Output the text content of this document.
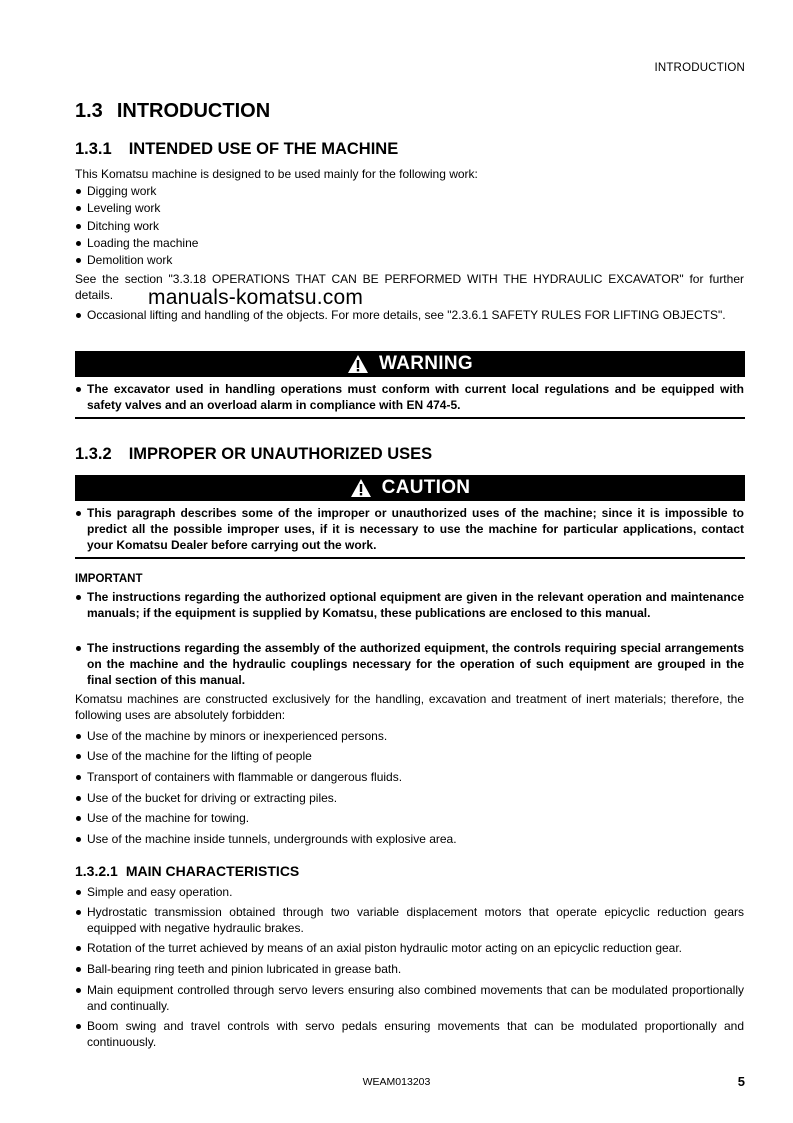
INTRODUCTION
1.3 INTRODUCTION
1.3.1 INTENDED USE OF THE MACHINE
This Komatsu machine is designed to be used mainly for the following work:
Digging work
Leveling work
Ditching work
Loading the machine
Demolition work
See the section "3.3.18 OPERATIONS THAT CAN BE PERFORMED WITH THE HYDRAULIC EXCAVATOR" for further details.	manuals-komatsu.com
Occasional lifting and handling of the objects. For more details, see "2.3.6.1 SAFETY RULES FOR LIFTING OBJECTS".
WARNING
The excavator used in handling operations must conform with current local regulations and be equipped with safety valves and an overload alarm in compliance with EN 474-5.
1.3.2 IMPROPER OR UNAUTHORIZED USES
CAUTION
This paragraph describes some of the improper or unauthorized uses of the machine; since it is impossible to predict all the possible improper uses, if it is necessary to use the machine for particular applications, contact your Komatsu Dealer before carrying out the work.
IMPORTANT
The instructions regarding the authorized optional equipment are given in the relevant operation and maintenance manuals; if the equipment is supplied by Komatsu, these publications are enclosed to this manual.
The instructions regarding the assembly of the authorized equipment, the controls requiring special arrangements on the machine and the hydraulic couplings necessary for the operation of such equipment are grouped in the final section of this manual.
Komatsu machines are constructed exclusively for the handling, excavation and treatment of inert materials; therefore, the following uses are absolutely forbidden:
Use of the machine by minors or inexperienced persons.
Use of the machine for the lifting of people
Transport of containers with flammable or dangerous fluids.
Use of the bucket for driving or extracting piles.
Use of the machine for towing.
Use of the machine inside tunnels, undergrounds with explosive area.
1.3.2.1 MAIN CHARACTERISTICS
Simple and easy operation.
Hydrostatic transmission obtained through two variable displacement motors that operate epicyclic reduction gears equipped with negative hydraulic brakes.
Rotation of the turret achieved by means of an axial piston hydraulic motor acting on an epicyclic reduction gear.
Ball-bearing ring teeth and pinion lubricated in grease bath.
Main equipment controlled through servo levers ensuring also combined movements that can be modulated proportionally and continually.
Boom swing and travel controls with servo pedals ensuring movements that can be modulated proportionally and continuously.
WEAM013203	5
